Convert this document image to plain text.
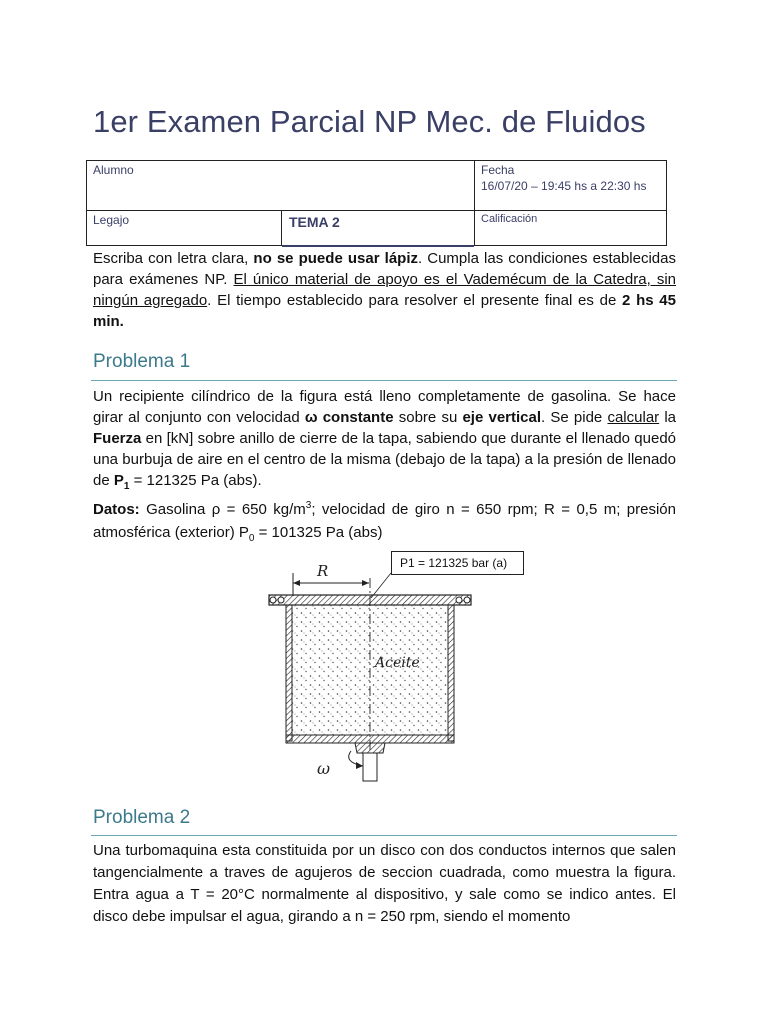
1er Examen Parcial NP Mec. de Fluidos
Alumno	Fecha
16/07/20 – 19:45 hs a 22:30 hs
Legajo	TEMA 2	Calificación
Escriba con letra clara, no se puede usar lápiz. Cumpla las condiciones establecidas para exámenes NP. El único material de apoyo es el Vademécum de la Catedra, sin ningún agregado. El tiempo establecido para resolver el presente final es de 2 hs 45 min.
Problema 1
Un recipiente cilíndrico de la figura está lleno completamente de gasolina. Se hace girar al conjunto con velocidad ω constante sobre su eje vertical. Se pide calcular la Fuerza en [kN] sobre anillo de cierre de la tapa, sabiendo que durante el llenado quedó una burbuja de aire en el centro de la misma (debajo de la tapa) a la presión de llenado de $P_1 = 121325$ Pa (abs).
Datos: Gasolina ρ = 650 $kg/m^3$; velocidad de giro n = 650 rpm; R = 0,5 m; presión atmosférica (exterior) $P_0 = 101325$ Pa (abs)
R
Aceite
ω
P1 = 121325 bar (a)
Problema 2
Una turbomaquina esta constituida por un disco con dos conductos internos que salen tangencialmente a traves de agujeros de seccion cuadrada, como muestra la figura. Entra agua a T = 20°C normalmente al dispositivo, y sale como se indico antes. El disco debe impulsar el agua, girando a n = 250 rpm, siendo el momento
